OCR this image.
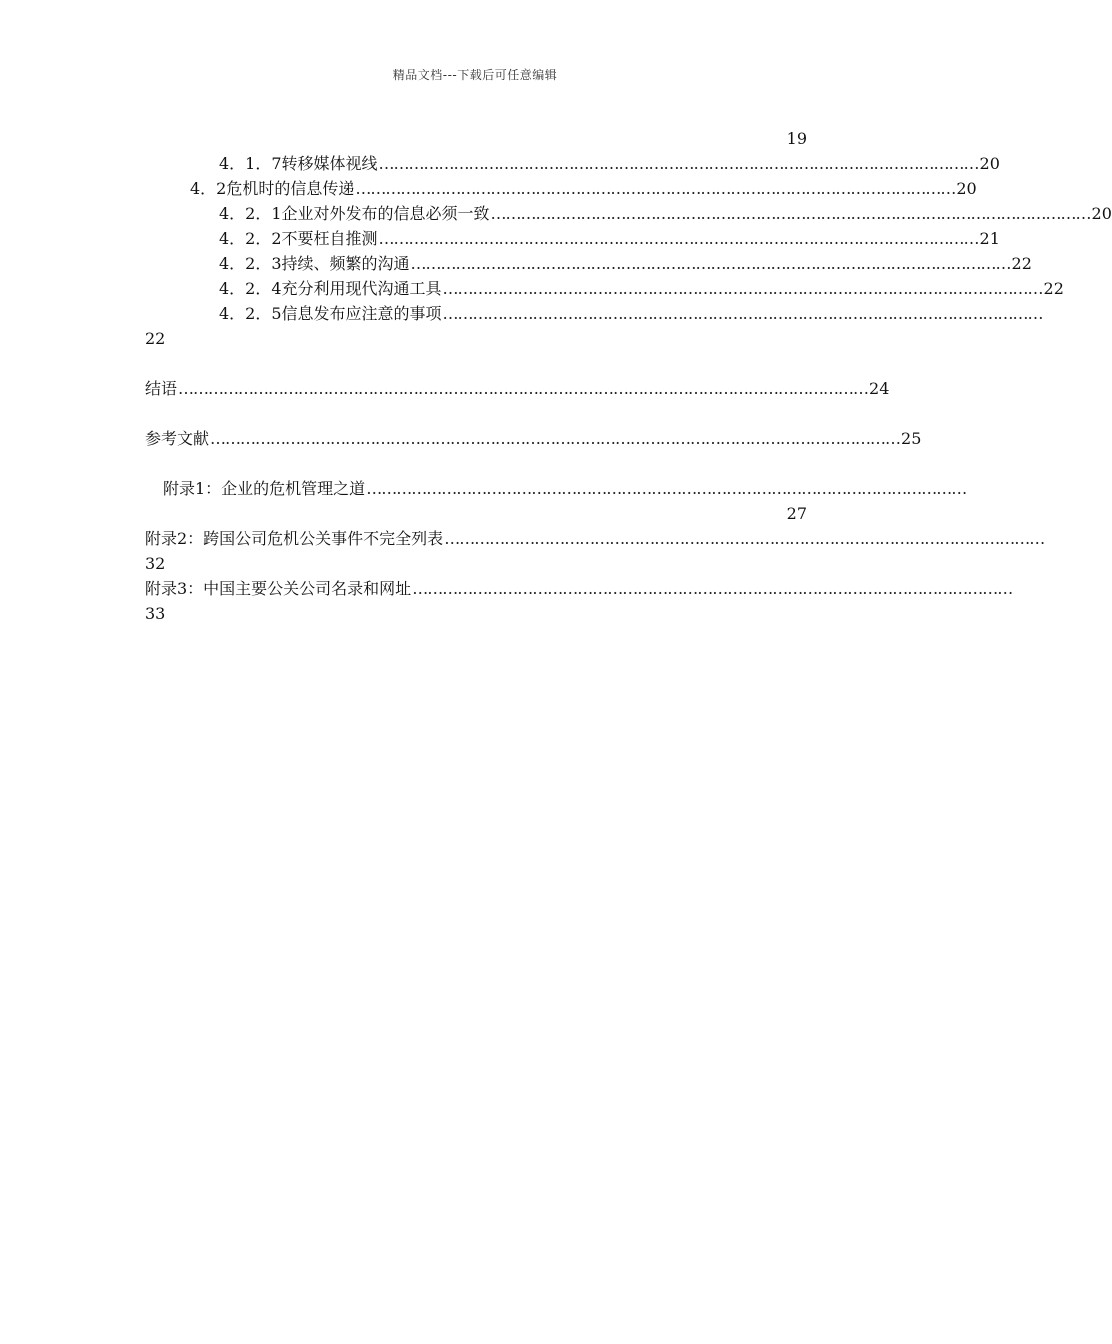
精品文档---下载后可任意编辑
19
4．1．7转移媒体视线 ………………………………………………………………………………………………………… 20
4．2危机时的信息传递 ………………………………………………………………………………………………………… 20
4．2．1企业对外发布的信息必须一致 ………………………………………………………………………………………………………… 20
4．2．2不要枉自推测 ………………………………………………………………………………………………………… 21
4．2．3持续、频繁的沟通 ………………………………………………………………………………………………………… 22
4．2．4充分利用现代沟通工具 ………………………………………………………………………………………………………… 22
4．2．5信息发布应注意的事项 …………………………………………………………………………………………………………
22
结语 ………………………………………………………………………………………………………………………… 24
参考文献 ………………………………………………………………………………………………………………………… 25
附录1：企业的危机管理之道 …………………………………………………………………………………………………………
27
附录2：跨国公司危机公关事件不完全列表 …………………………………………………………………………………………………………
32
附录3：中国主要公关公司名录和网址 …………………………………………………………………………………………………………
33
